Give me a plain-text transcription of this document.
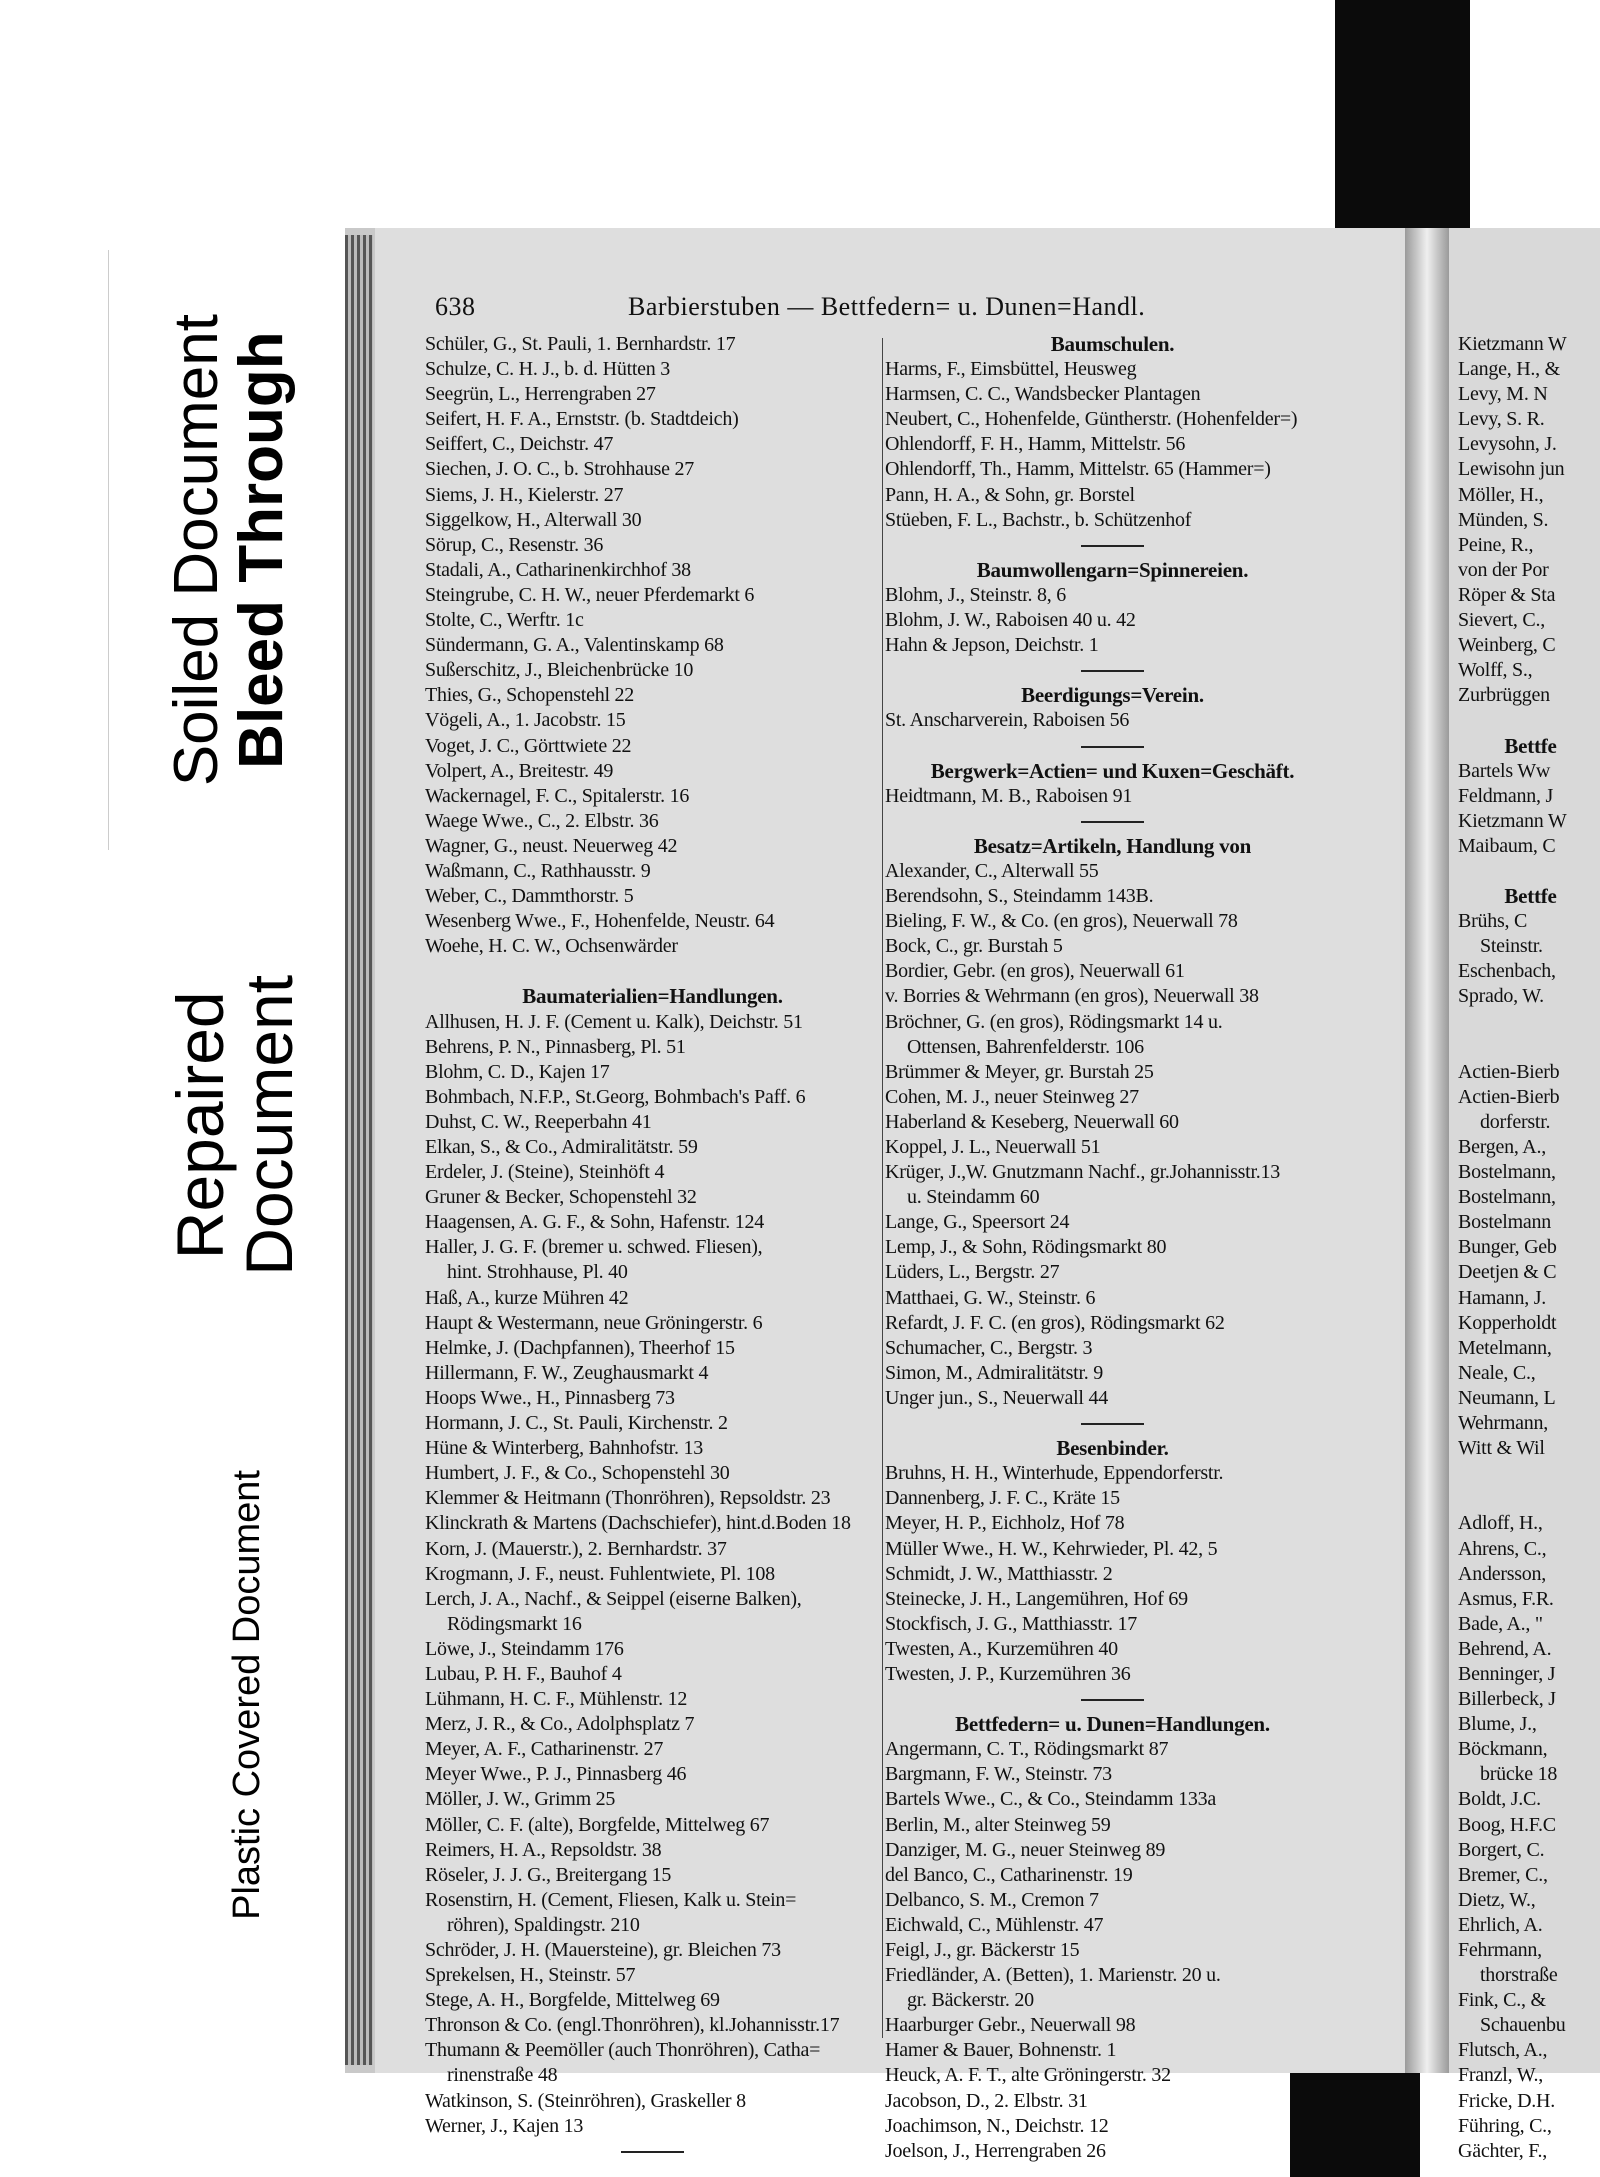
Soiled Document
Bleed Through
Repaired
Document
Plastic Covered Document
638	Barbierstuben — Bettfedern= u. Dunen=Handl.
Schüler, G., St. Pauli, 1. Bernhardstr. 17
Schulze, C. H. J., b. d. Hütten 3
Seegrün, L., Herrengraben 27
Seifert, H. F. A., Ernststr. (b. Stadtdeich)
Seiffert, C., Deichstr. 47
Siechen, J. O. C., b. Strohhause 27
Siems, J. H., Kielerstr. 27
Siggelkow, H., Alterwall 30
Sörup, C., Resenstr. 36
Stadali, A., Catharinenkirchhof 38
Steingrube, C. H. W., neuer Pferdemarkt 6
Stolte, C., Werftr. 1c
Sündermann, G. A., Valentinskamp 68
Sußerschitz, J., Bleichenbrücke 10
Thies, G., Schopenstehl 22
Vögeli, A., 1. Jacobstr. 15
Voget, J. C., Görttwiete 22
Volpert, A., Breitestr. 49
Wackernagel, F. C., Spitalerstr. 16
Waege Wwe., C., 2. Elbstr. 36
Wagner, G., neust. Neuerweg 42
Waßmann, C., Rathhausstr. 9
Weber, C., Dammthorstr. 5
Wesenberg Wwe., F., Hohenfelde, Neustr. 64
Woehe, H. C. W., Ochsenwärder
Baumaterialien=Handlungen.
Allhusen, H. J. F. (Cement u. Kalk), Deichstr. 51
Behrens, P. N., Pinnasberg, Pl. 51
Blohm, C. D., Kajen 17
Bohmbach, N.F.P., St.Georg, Bohmbach's Paff. 6
Duhst, C. W., Reeperbahn 41
Elkan, S., & Co., Admiralitätstr. 59
Erdeler, J. (Steine), Steinhöft 4
Gruner & Becker, Schopenstehl 32
Haagensen, A. G. F., & Sohn, Hafenstr. 124
Haller, J. G. F. (bremer u. schwed. Fliesen),
hint. Strohhause, Pl. 40
Haß, A., kurze Mühren 42
Haupt & Westermann, neue Gröningerstr. 6
Helmke, J. (Dachpfannen), Theerhof 15
Hillermann, F. W., Zeughausmarkt 4
Hoops Wwe., H., Pinnasberg 73
Hormann, J. C., St. Pauli, Kirchenstr. 2
Hüne & Winterberg, Bahnhofstr. 13
Humbert, J. F., & Co., Schopenstehl 30
Klemmer & Heitmann (Thonröhren), Repsoldstr. 23
Klinckrath & Martens (Dachschiefer), hint.d.Boden 18
Korn, J. (Mauerstr.), 2. Bernhardstr. 37
Krogmann, J. F., neust. Fuhlentwiete, Pl. 108
Lerch, J. A., Nachf., & Seippel (eiserne Balken),
Rödingsmarkt 16
Löwe, J., Steindamm 176
Lubau, P. H. F., Bauhof 4
Lühmann, H. C. F., Mühlenstr. 12
Merz, J. R., & Co., Adolphsplatz 7
Meyer, A. F., Catharinenstr. 27
Meyer Wwe., P. J., Pinnasberg 46
Möller, J. W., Grimm 25
Möller, C. F. (alte), Borgfelde, Mittelweg 67
Reimers, H. A., Repsoldstr. 38
Röseler, J. J. G., Breitergang 15
Rosenstirn, H. (Cement, Fliesen, Kalk u. Stein=
röhren), Spaldingstr. 210
Schröder, J. H. (Mauersteine), gr. Bleichen 73
Sprekelsen, H., Steinstr. 57
Stege, A. H., Borgfelde, Mittelweg 69
Thronson & Co. (engl.Thonröhren), kl.Johannisstr.17
Thumann & Peemöller (auch Thonröhren), Catha=
rinenstraße 48
Watkinson, S. (Steinröhren), Graskeller 8
Werner, J., Kajen 13
Baumschulen.
Harms, F., Eimsbüttel, Heusweg
Harmsen, C. C., Wandsbecker Plantagen
Neubert, C., Hohenfelde, Güntherstr. (Hohenfelder=)
Ohlendorff, F. H., Hamm, Mittelstr. 56
Ohlendorff, Th., Hamm, Mittelstr. 65 (Hammer=)
Pann, H. A., & Sohn, gr. Borstel
Stüeben, F. L., Bachstr., b. Schützenhof
Baumwollengarn=Spinnereien.
Blohm, J., Steinstr. 8, 6
Blohm, J. W., Raboisen 40 u. 42
Hahn & Jepson, Deichstr. 1
Beerdigungs=Verein.
St. Anscharverein, Raboisen 56
Bergwerk=Actien= und Kuxen=Geschäft.
Heidtmann, M. B., Raboisen 91
Besatz=Artikeln, Handlung von
Alexander, C., Alterwall 55
Berendsohn, S., Steindamm 143B.
Bieling, F. W., & Co. (en gros), Neuerwall 78
Bock, C., gr. Burstah 5
Bordier, Gebr. (en gros), Neuerwall 61
v. Borries & Wehrmann (en gros), Neuerwall 38
Bröchner, G. (en gros), Rödingsmarkt 14 u.
Ottensen, Bahrenfelderstr. 106
Brümmer & Meyer, gr. Burstah 25
Cohen, M. J., neuer Steinweg 27
Haberland & Keseberg, Neuerwall 60
Koppel, J. L., Neuerwall 51
Krüger, J.,W. Gnutzmann Nachf., gr.Johannisstr.13
u. Steindamm 60
Lange, G., Speersort 24
Lemp, J., & Sohn, Rödingsmarkt 80
Lüders, L., Bergstr. 27
Matthaei, G. W., Steinstr. 6
Refardt, J. F. C. (en gros), Rödingsmarkt 62
Schumacher, C., Bergstr. 3
Simon, M., Admiralitätstr. 9
Unger jun., S., Neuerwall 44
Besenbinder.
Bruhns, H. H., Winterhude, Eppendorferstr.
Dannenberg, J. F. C., Kräte 15
Meyer, H. P., Eichholz, Hof 78
Müller Wwe., H. W., Kehrwieder, Pl. 42, 5
Schmidt, J. W., Matthiasstr. 2
Steinecke, J. H., Langemühren, Hof 69
Stockfisch, J. G., Matthiasstr. 17
Twesten, A., Kurzemühren 40
Twesten, J. P., Kurzemühren 36
Bettfedern= u. Dunen=Handlungen.
Angermann, C. T., Rödingsmarkt 87
Bargmann, F. W., Steinstr. 73
Bartels Wwe., C., & Co., Steindamm 133a
Berlin, M., alter Steinweg 59
Danziger, M. G., neuer Steinweg 89
del Banco, C., Catharinenstr. 19
Delbanco, S. M., Cremon 7
Eichwald, C., Mühlenstr. 47
Feigl, J., gr. Bäckerstr 15
Friedländer, A. (Betten), 1. Marienstr. 20 u.
gr. Bäckerstr. 20
Haarburger Gebr., Neuerwall 98
Hamer & Bauer, Bohnenstr. 1
Heuck, A. F. T., alte Gröningerstr. 32
Jacobson, D., 2. Elbstr. 31
Joachimson, N., Deichstr. 12
Joelson, J., Herrengraben 26
Kietzmann W
Lange, H., &
Levy, M. N
Levy, S. R.
Levysohn, J.
Lewisohn jun
Möller, H.,
Münden, S.
Peine, R.,
von der Por
Röper & Sta
Sievert, C.,
Weinberg, C
Wolff, S.,
Zurbrüggen
Bettfe
Bartels Ww
Feldmann, J
Kietzmann W
Maibaum, C
Bettfe
Brühs, C
Steinstr.
Eschenbach,
Sprado, W.
Actien-Bierb
Actien-Bierb
dorferstr.
Bergen, A.,
Bostelmann,
Bostelmann,
Bostelmann
Bunger, Geb
Deetjen & C
Hamann, J.
Kopperholdt
Metelmann,
Neale, C.,
Neumann, L
Wehrmann,
Witt & Wil
Adloff, H.,
Ahrens, C.,
Andersson,
Asmus, F.R.
Bade, A., "
Behrend, A.
Benninger, J
Billerbeck, J
Blume, J.,
Böckmann,
brücke 18
Boldt, J.C.
Boog, H.F.C
Borgert, C.
Bremer, C.,
Dietz, W.,
Ehrlich, A.
Fehrmann,
thorstraße
Fink, C., &
Schauenbu
Flutsch, A.,
Franzl, W.,
Fricke, D.H.
Führing, C.,
Gächter, F.,
